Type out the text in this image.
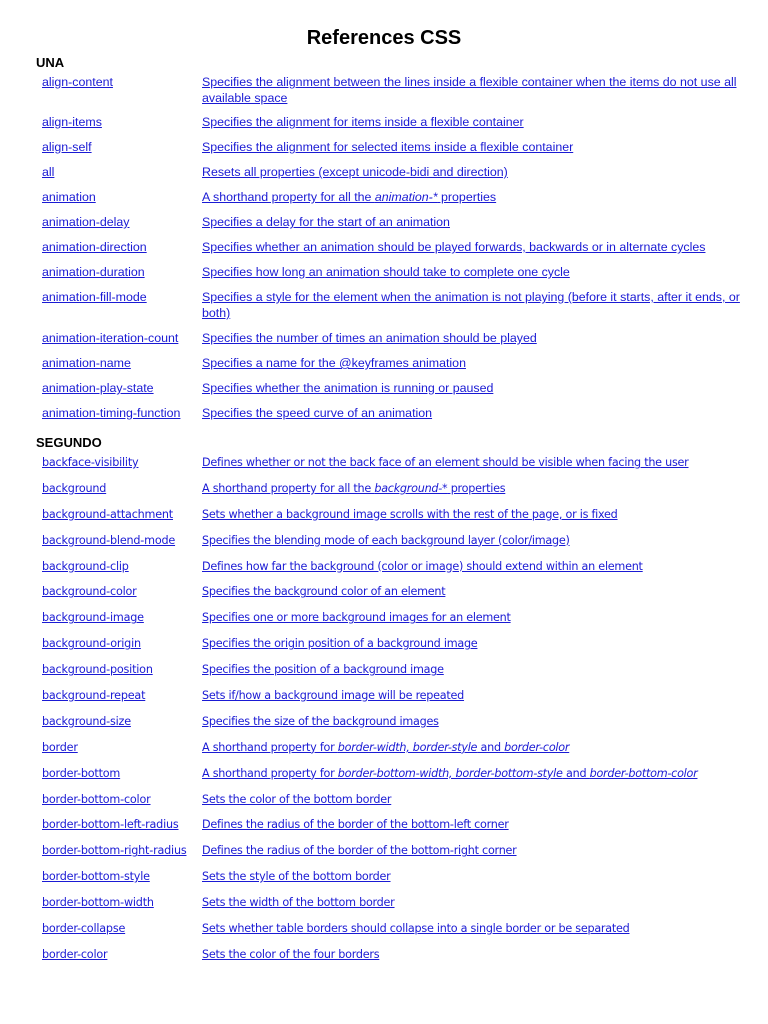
References CSS
UNA
align-content	Specifies the alignment between the lines inside a flexible container when the items do not use all available space
align-items	Specifies the alignment for items inside a flexible container
align-self	Specifies the alignment for selected items inside a flexible container
all	Resets all properties (except unicode-bidi and direction)
animation	A shorthand property for all the animation-* properties
animation-delay	Specifies a delay for the start of an animation
animation-direction	Specifies whether an animation should be played forwards, backwards or in alternate cycles
animation-duration	Specifies how long an animation should take to complete one cycle
animation-fill-mode	Specifies a style for the element when the animation is not playing (before it starts, after it ends, or both)
animation-iteration-count	Specifies the number of times an animation should be played
animation-name	Specifies a name for the @keyframes animation
animation-play-state	Specifies whether the animation is running or paused
animation-timing-function	Specifies the speed curve of an animation
SEGUNDO
backface-visibility	Defines whether or not the back face of an element should be visible when facing the user
background	A shorthand property for all the background-* properties
background-attachment	Sets whether a background image scrolls with the rest of the page, or is fixed
background-blend-mode	Specifies the blending mode of each background layer (color/image)
background-clip	Defines how far the background (color or image) should extend within an element
background-color	Specifies the background color of an element
background-image	Specifies one or more background images for an element
background-origin	Specifies the origin position of a background image
background-position	Specifies the position of a background image
background-repeat	Sets if/how a background image will be repeated
background-size	Specifies the size of the background images
border	A shorthand property for border-width, border-style and border-color
border-bottom	A shorthand property for border-bottom-width, border-bottom-style and border-bottom-color
border-bottom-color	Sets the color of the bottom border
border-bottom-left-radius	Defines the radius of the border of the bottom-left corner
border-bottom-right-radius	Defines the radius of the border of the bottom-right corner
border-bottom-style	Sets the style of the bottom border
border-bottom-width	Sets the width of the bottom border
border-collapse	Sets whether table borders should collapse into a single border or be separated
border-color	Sets the color of the four borders
